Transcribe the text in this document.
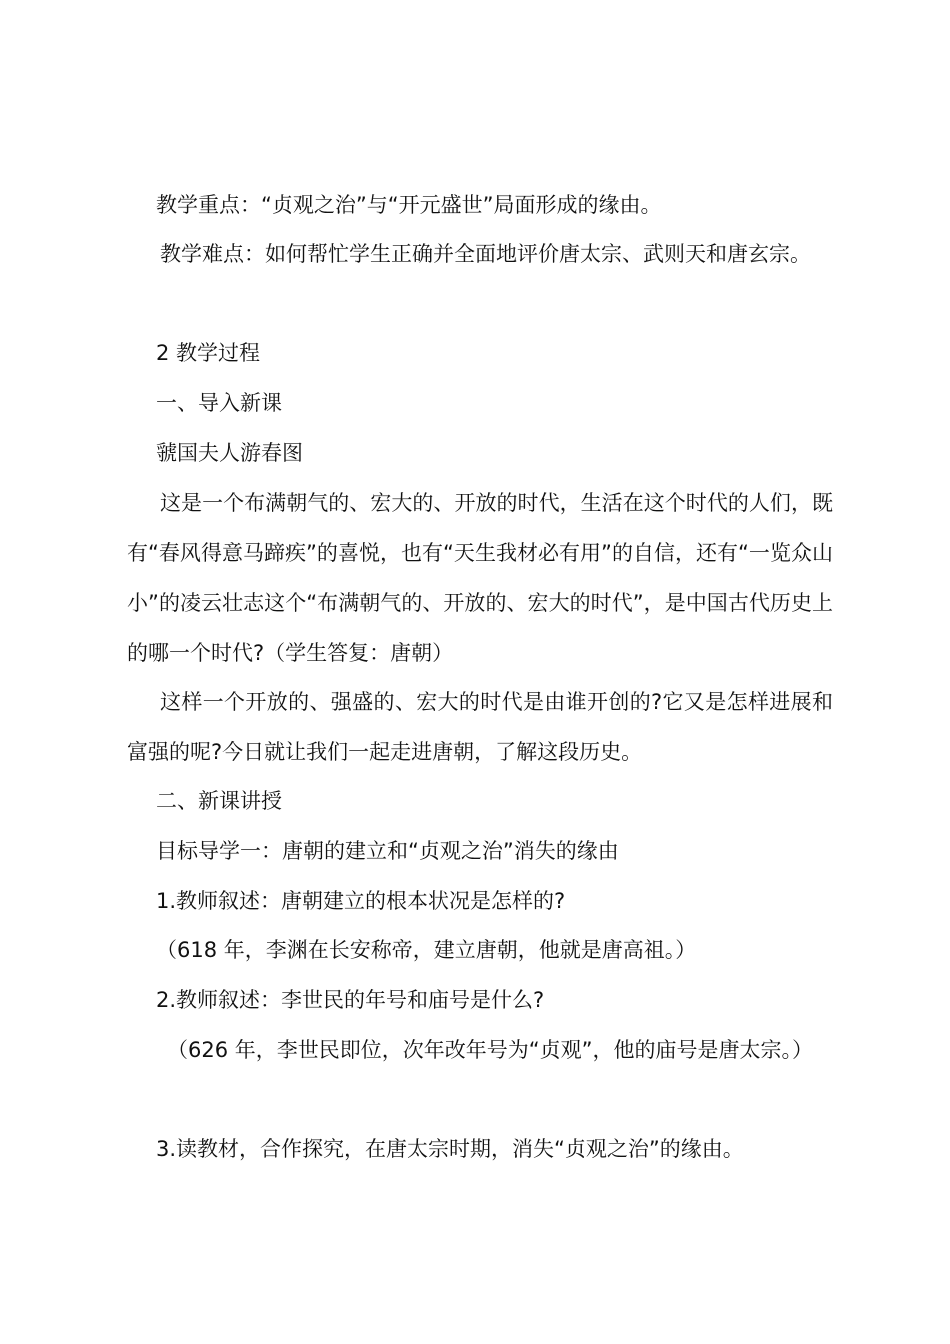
教学重点：“贞观之治”与“开元盛世”局面形成的缘由。

教学难点：如何帮忙学生正确并全面地评价唐太宗、武则天和唐玄宗。

2 教学过程

一、导入新课

虢国夫人游春图

这是一个布满朝气的、宏大的、开放的时代，生活在这个时代的人们，既有“春风得意马蹄疾”的喜悦，也有“天生我材必有用”的自信，还有“一览众山小”的凌云壮志这个“布满朝气的、开放的、宏大的时代”，是中国古代历史上的哪一个时代?（学生答复：唐朝）

这样一个开放的、强盛的、宏大的时代是由谁开创的?它又是怎样进展和富强的呢?今日就让我们一起走进唐朝，了解这段历史。

二、新课讲授

目标导学一：唐朝的建立和“贞观之治”消失的缘由

1.教师叙述：唐朝建立的根本状况是怎样的?

（618 年，李渊在长安称帝，建立唐朝，他就是唐高祖。）

2.教师叙述：李世民的年号和庙号是什么?

（626 年，李世民即位，次年改年号为“贞观”，他的庙号是唐太宗。）

3.读教材，合作探究，在唐太宗时期，消失“贞观之治”的缘由。
